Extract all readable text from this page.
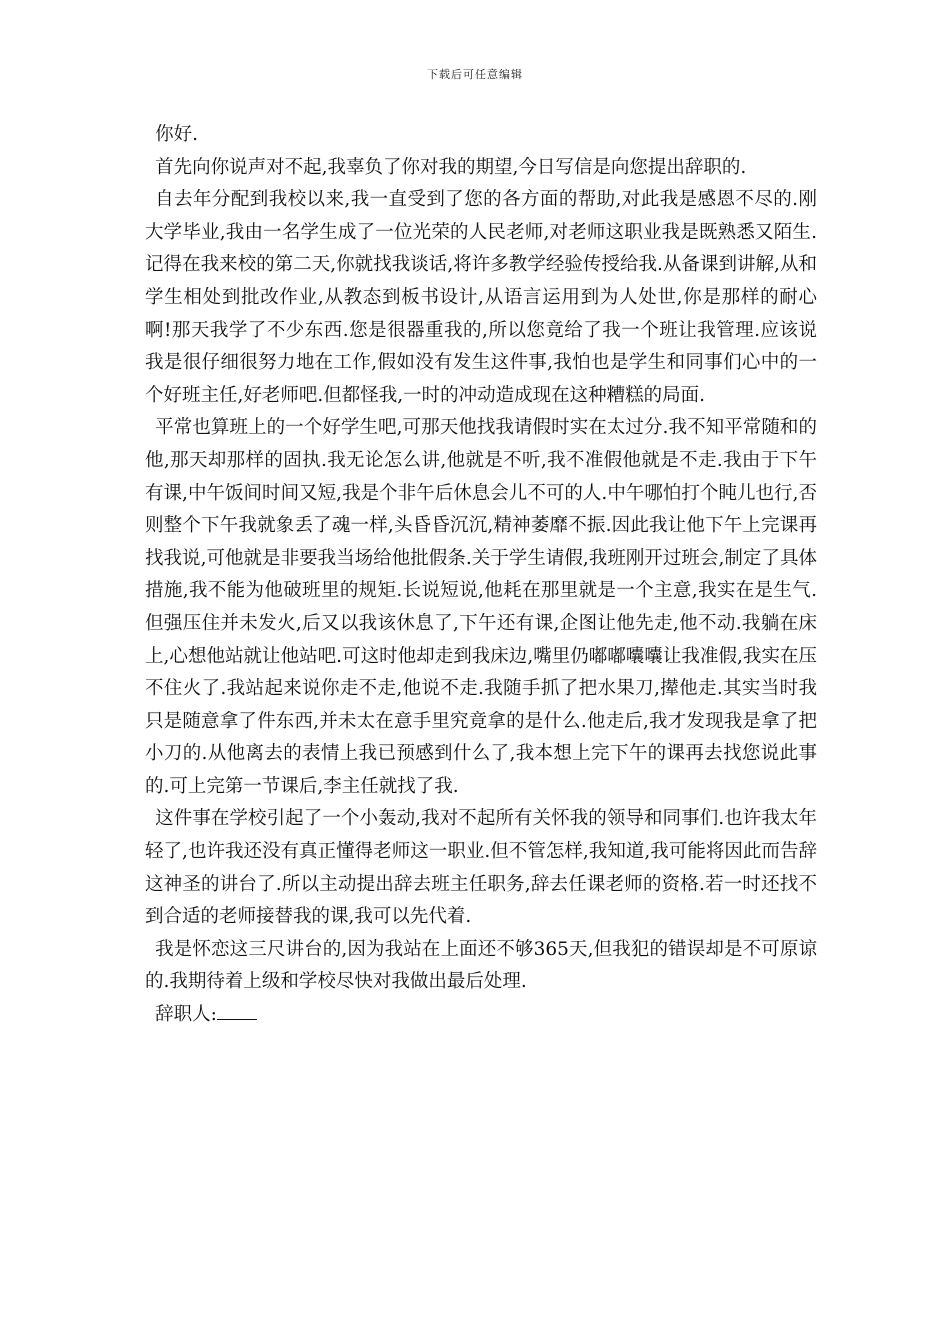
下载后可任意编辑

你好.

首先向你说声对不起,我辜负了你对我的期望,今日写信是向您提出辞职的.

自去年分配到我校以来,我一直受到了您的各方面的帮助,对此我是感恩不尽的.刚大学毕业,我由一名学生成了一位光荣的人民老师,对老师这职业我是既熟悉又陌生.记得在我来校的第二天,你就找我谈话,将许多教学经验传授给我.从备课到讲解,从和学生相处到批改作业,从教态到板书设计,从语言运用到为人处世,你是那样的耐心啊!那天我学了不少东西.您是很器重我的,所以您竟给了我一个班让我管理.应该说我是很仔细很努力地在工作,假如没有发生这件事,我怕也是学生和同事们心中的一个好班主任,好老师吧.但都怪我,一时的冲动造成现在这种糟糕的局面.

平常也算班上的一个好学生吧,可那天他找我请假时实在太过分.我不知平常随和的他,那天却那样的固执.我无论怎么讲,他就是不听,我不准假他就是不走.我由于下午有课,中午饭间时间又短,我是个非午后休息会儿不可的人.中午哪怕打个盹儿也行,否则整个下午我就象丢了魂一样,头昏昏沉沉,精神萎靡不振.因此我让他下午上完课再找我说,可他就是非要我当场给他批假条.关于学生请假,我班刚开过班会,制定了具体措施,我不能为他破班里的规矩.长说短说,他耗在那里就是一个主意,我实在是生气.但强压住并未发火,后又以我该休息了,下午还有课,企图让他先走,他不动.我躺在床上,心想他站就让他站吧.可这时他却走到我床边,嘴里仍嘟嘟囔囔让我准假,我实在压不住火了.我站起来说你走不走,他说不走.我随手抓了把水果刀,撵他走.其实当时我只是随意拿了件东西,并未太在意手里究竟拿的是什么.他走后,我才发现我是拿了把小刀的.从他离去的表情上我已预感到什么了,我本想上完下午的课再去找您说此事的.可上完第一节课后,李主任就找了我.

这件事在学校引起了一个小轰动,我对不起所有关怀我的领导和同事们.也许我太年轻了,也许我还没有真正懂得老师这一职业.但不管怎样,我知道,我可能将因此而告辞这神圣的讲台了.所以主动提出辞去班主任职务,辞去任课老师的资格.若一时还找不到合适的老师接替我的课,我可以先代着.

我是怀恋这三尺讲台的,因为我站在上面还不够365天,但我犯的错误却是不可原谅的.我期待着上级和学校尽快对我做出最后处理.

辞职人:
